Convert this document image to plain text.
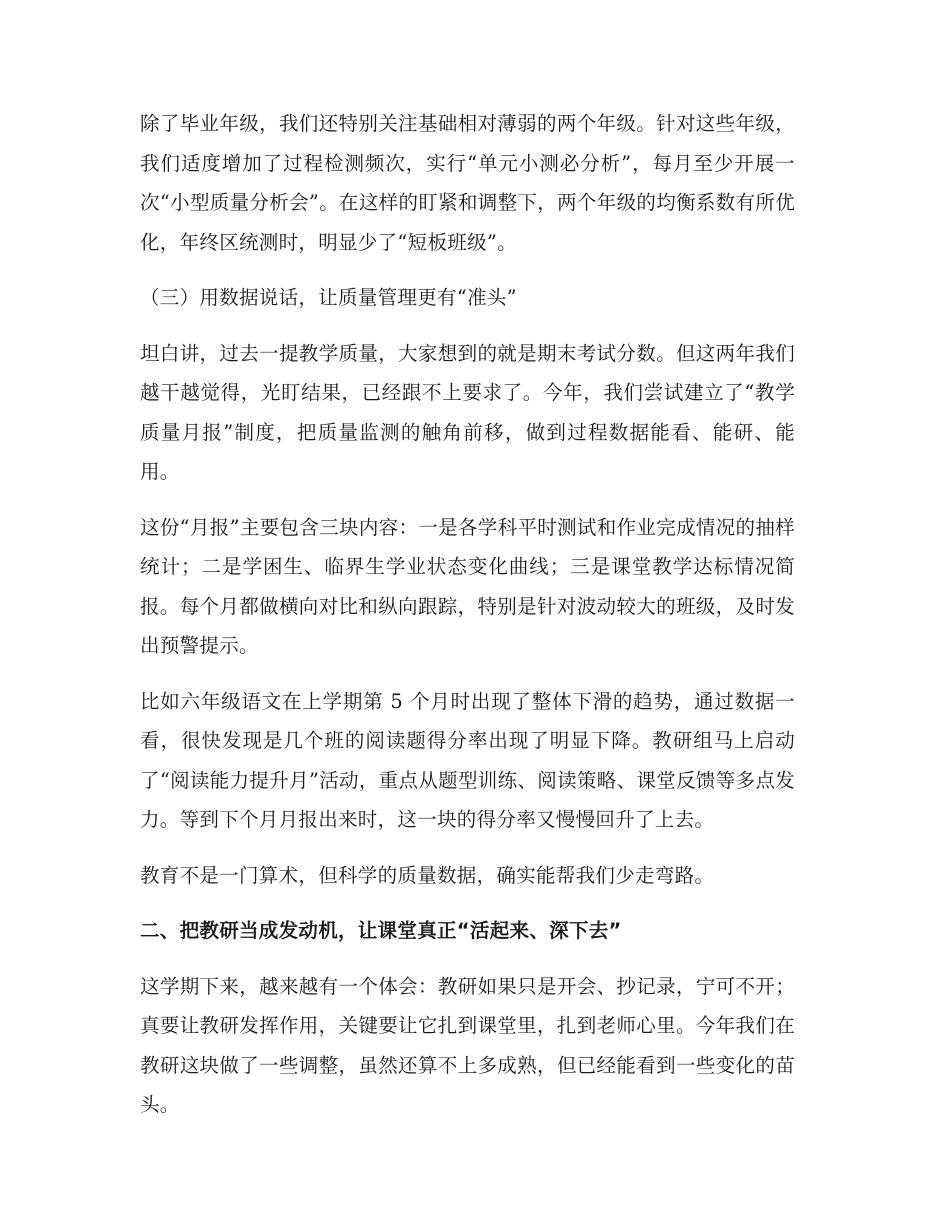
除了毕业年级，我们还特别关注基础相对薄弱的两个年级。针对这些年级，我们适度增加了过程检测频次，实行“单元小测必分析”，每月至少开展一次“小型质量分析会”。在这样的盯紧和调整下，两个年级的均衡系数有所优化，年终区统测时，明显少了“短板班级”。

（三）用数据说话，让质量管理更有“准头”

坦白讲，过去一提教学质量，大家想到的就是期末考试分数。但这两年我们越干越觉得，光盯结果，已经跟不上要求了。今年，我们尝试建立了“教学质量月报”制度，把质量监测的触角前移，做到过程数据能看、能研、能用。

这份“月报”主要包含三块内容：一是各学科平时测试和作业完成情况的抽样统计；二是学困生、临界生学业状态变化曲线；三是课堂教学达标情况简报。每个月都做横向对比和纵向跟踪，特别是针对波动较大的班级，及时发出预警提示。

比如六年级语文在上学期第 5 个月时出现了整体下滑的趋势，通过数据一看，很快发现是几个班的阅读题得分率出现了明显下降。教研组马上启动了“阅读能力提升月”活动，重点从题型训练、阅读策略、课堂反馈等多点发力。等到下个月月报出来时，这一块的得分率又慢慢回升了上去。

教育不是一门算术，但科学的质量数据，确实能帮我们少走弯路。

二、把教研当成发动机，让课堂真正“活起来、深下去”

这学期下来，越来越有一个体会：教研如果只是开会、抄记录，宁可不开；真要让教研发挥作用，关键要让它扎到课堂里，扎到老师心里。今年我们在教研这块做了一些调整，虽然还算不上多成熟，但已经能看到一些变化的苗头。
